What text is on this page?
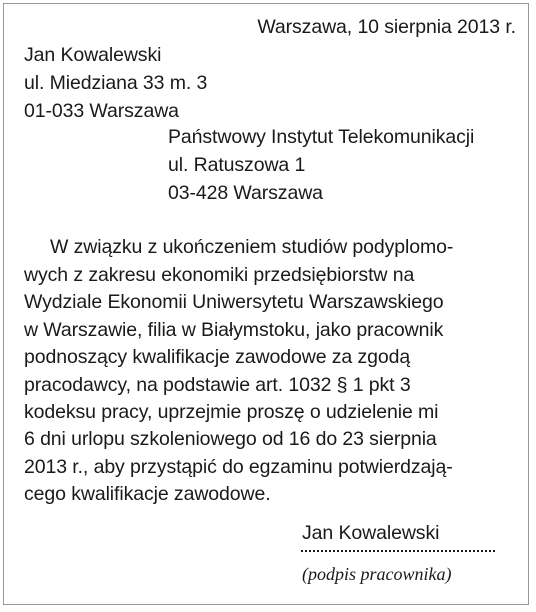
Warszawa, 10 sierpnia 2013 r.
Jan Kowalewski
ul. Miedziana 33 m. 3
01-033 Warszawa
Państwowy Instytut Telekomunikacji
ul. Ratuszowa 1
03-428 Warszawa
W związku z ukończeniem studiów podyplomo-
wych z zakresu ekonomiki przedsiębiorstw na
Wydziale Ekonomii Uniwersytetu Warszawskiego
w Warszawie, filia w Białymstoku, jako pracownik
podnoszący kwalifikacje zawodowe za zgodą
pracodawcy, na podstawie art. 1032 § 1 pkt 3
kodeksu pracy, uprzejmie proszę o udzielenie mi
6 dni urlopu szkoleniowego od 16 do 23 sierpnia
2013 r., aby przystąpić do egzaminu potwierdzają-
cego kwalifikacje zawodowe.
Jan Kowalewski
(podpis pracownika)
